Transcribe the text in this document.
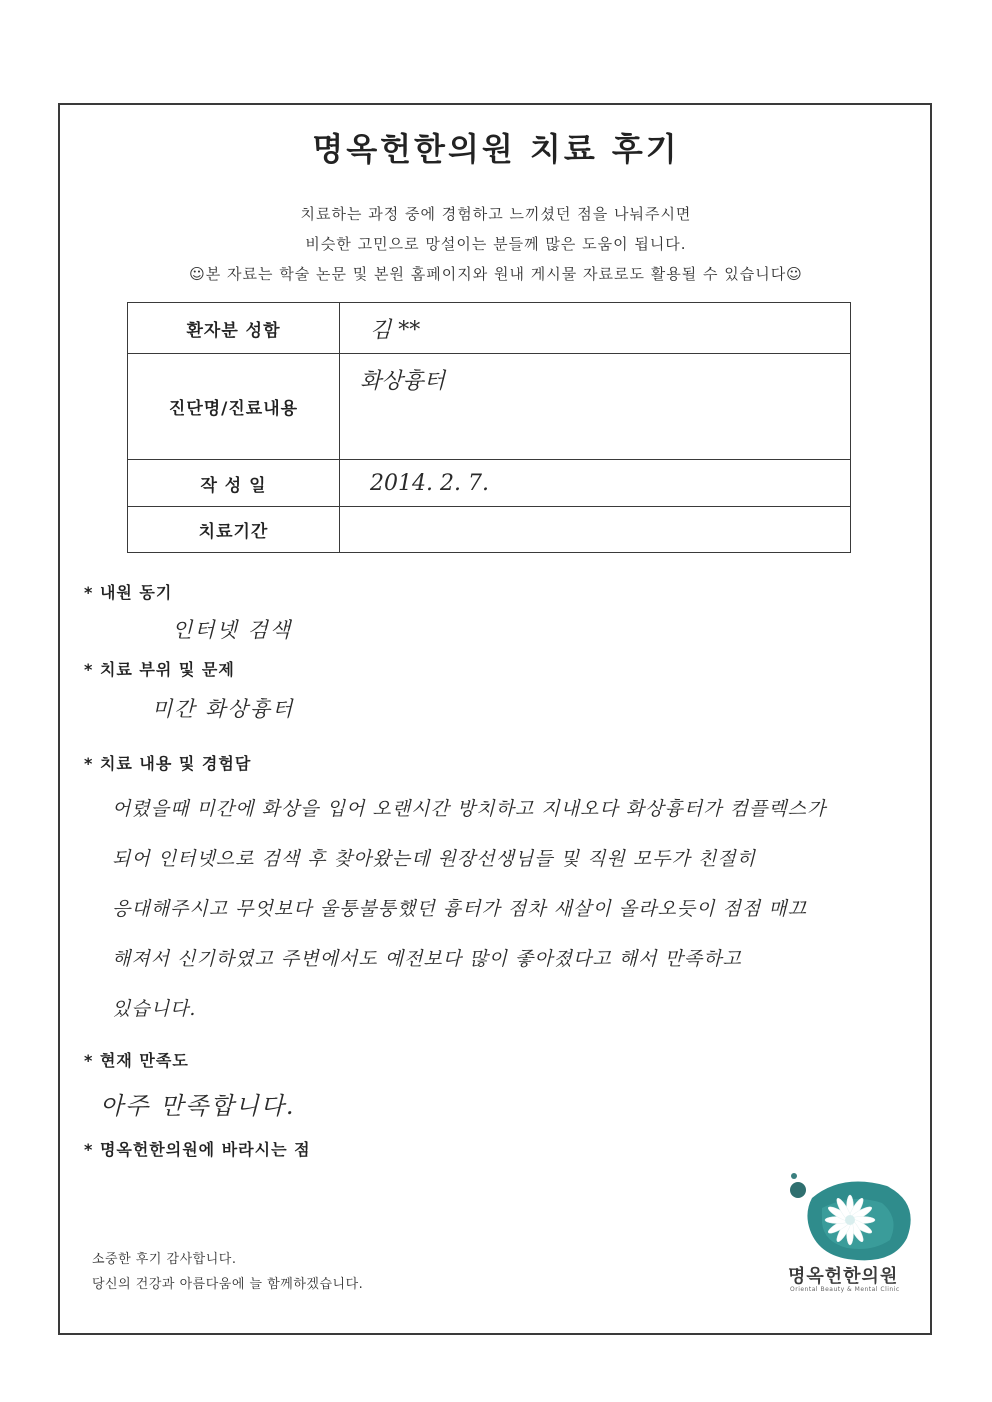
명옥헌한의원 치료 후기
치료하는 과정 중에 경험하고 느끼셨던 점을 나눠주시면
비슷한 고민으로 망설이는 분들께 많은 도움이 됩니다.
☺본 자료는 학술 논문 및 본원 홈페이지와 원내 게시물 자료로도 활용될 수 있습니다☺
환자분 성함	김 **
진단명/진료내용	화상흉터
작 성 일	2014. 2. 7.
치료기간	
* 내원 동기
인터넷 검색
* 치료 부위 및 문제
미간 화상흉터
* 치료 내용 및 경험담
어렸을때 미간에 화상을 입어 오랜시간 방치하고 지내오다 화상흉터가 컴플렉스가
되어 인터넷으로 검색 후 찾아왔는데 원장선생님들 및 직원 모두가 친절히
응대해주시고 무엇보다 울퉁불퉁했던 흉터가 점차 새살이 올라오듯이 점점 매끄
해져서 신기하였고 주변에서도 예전보다 많이 좋아졌다고 해서 만족하고
있습니다.
* 현재 만족도
아주 만족합니다.
* 명옥헌한의원에 바라시는 점
소중한 후기 감사합니다.
당신의 건강과 아름다움에 늘 함께하겠습니다.	명옥헌한의원
Oriental Beauty & Mental Clinic
